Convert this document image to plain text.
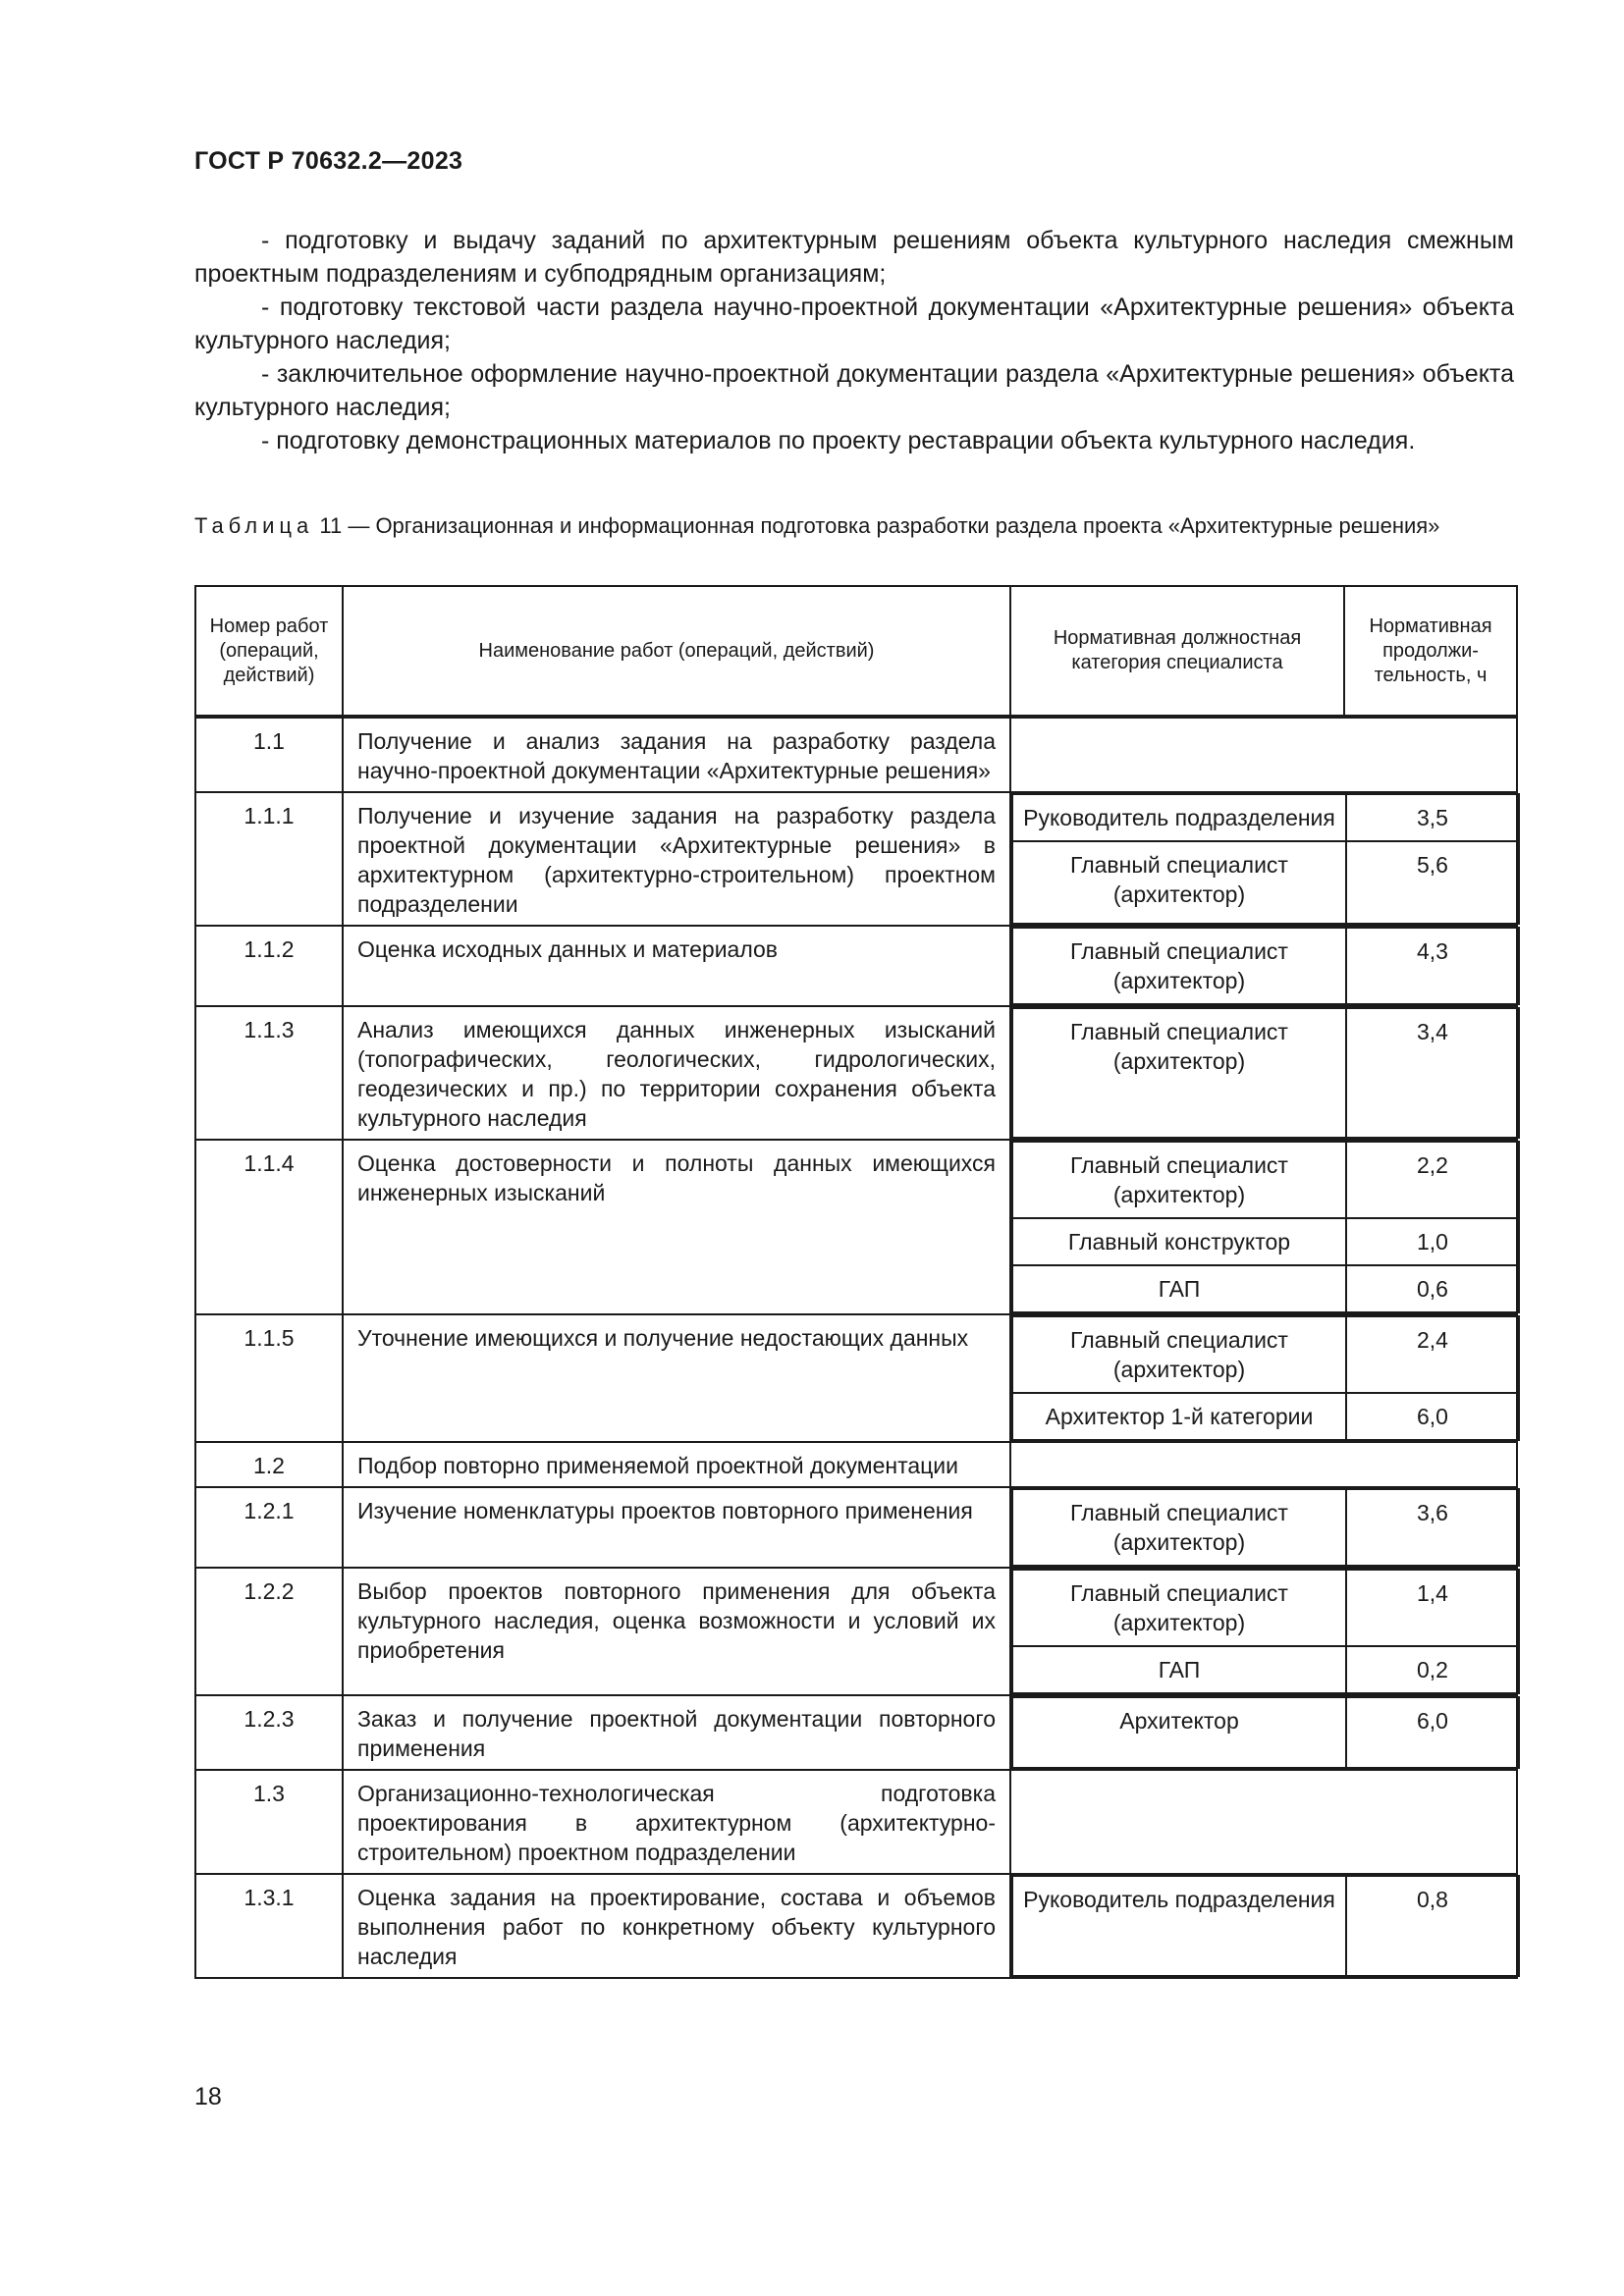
ГОСТ Р 70632.2—2023

- подготовку и выдачу заданий по архитектурным решениям объекта культурного наследия смежным проектным подразделениям и субподрядным организациям;

- подготовку текстовой части раздела научно-проектной документации «Архитектурные решения» объекта культурного наследия;

- заключительное оформление научно-проектной документации раздела «Архитектурные решения» объекта культурного наследия;

- подготовку демонстрационных материалов по проекту реставрации объекта культурного наследия.

Таблица 11 — Организационная и информационная подготовка разработки раздела проекта «Архитектурные решения»
Номер работ (операций, действий)	Наименование работ (операций, действий)	Нормативная должностная категория специалиста	Нормативная продолжи-тельность, ч
1.1	Получение и анализ задания на разработку раздела научно-проектной документации «Архитектурные решения»	
1.1.1	Получение и изучение задания на разработку раздела проектной документации «Архитектурные решения» в архитектурном (архитектурно-строительном) проектном подразделении	
Руководитель подразделения	3,5
Главный специалист (архитектор)	5,6

1.1.2	Оценка исходных данных и материалов		Главный специалист (архитектор)	4,3

1.1.3	Анализ имеющихся данных инженерных изысканий (топографических, геологических, гидрологических, геодезических и пр.) по территории сохранения объекта культурного наследия	
Главный специалист (архитектор)	3,4

1.1.4	Оценка достоверности и полноты данных имеющихся инженерных изысканий	
Главный специалист (архитектор)	2,2
Главный конструктор	1,0
ГАП	0,6

1.1.5	Уточнение имеющихся и получение недостающих данных		Главный специалист (архитектор)	2,4
Архитектор 1-й категории	6,0

1.2	Подбор повторно применяемой проектной документации	
1.2.1	Изучение номенклатуры проектов повторного применения		Главный специалист (архитектор)	3,6

1.2.2	Выбор проектов повторного применения для объекта культурного наследия, оценка возможности и условий их приобретения	
Главный специалист (архитектор)	1,4
ГАП	0,2

1.2.3	Заказ и получение проектной документации повторного применения	
Архитектор	6,0

1.3	Организационно-технологическая подготовка проектирования в архитектурном (архитектурно-строительном) проектном подразделении	
1.3.1	Оценка задания на проектирование, состава и объемов выполнения работ по конкретному объекту культурного наследия	
Руководитель подразделения	0,8
18
